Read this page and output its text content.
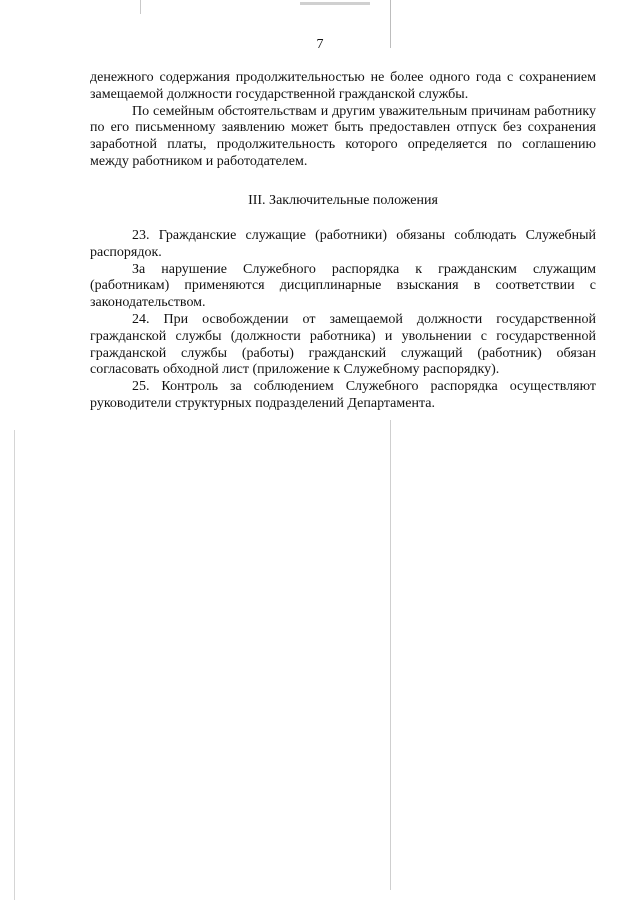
7

денежного содержания продолжительностью не более одного года с сохранением замещаемой должности государственной гражданской службы.

По семейным обстоятельствам и другим уважительным причинам работнику по его письменному заявлению может быть предоставлен отпуск без сохранения заработной платы, продолжительность которого определяется по соглашению между работником и работодателем.

III. Заключительные положения

23. Гражданские служащие (работники) обязаны соблюдать Служебный распорядок.

За нарушение Служебного распорядка к гражданским служащим (работникам) применяются дисциплинарные взыскания в соответствии с законодательством.

24. При освобождении от замещаемой должности государственной гражданской службы (должности работника) и увольнении с государственной гражданской службы (работы) гражданский служащий (работник) обязан согласовать обходной лист (приложение к Служебному распорядку).

25. Контроль за соблюдением Служебного распорядка осуществляют руководители структурных подразделений Департамента.
